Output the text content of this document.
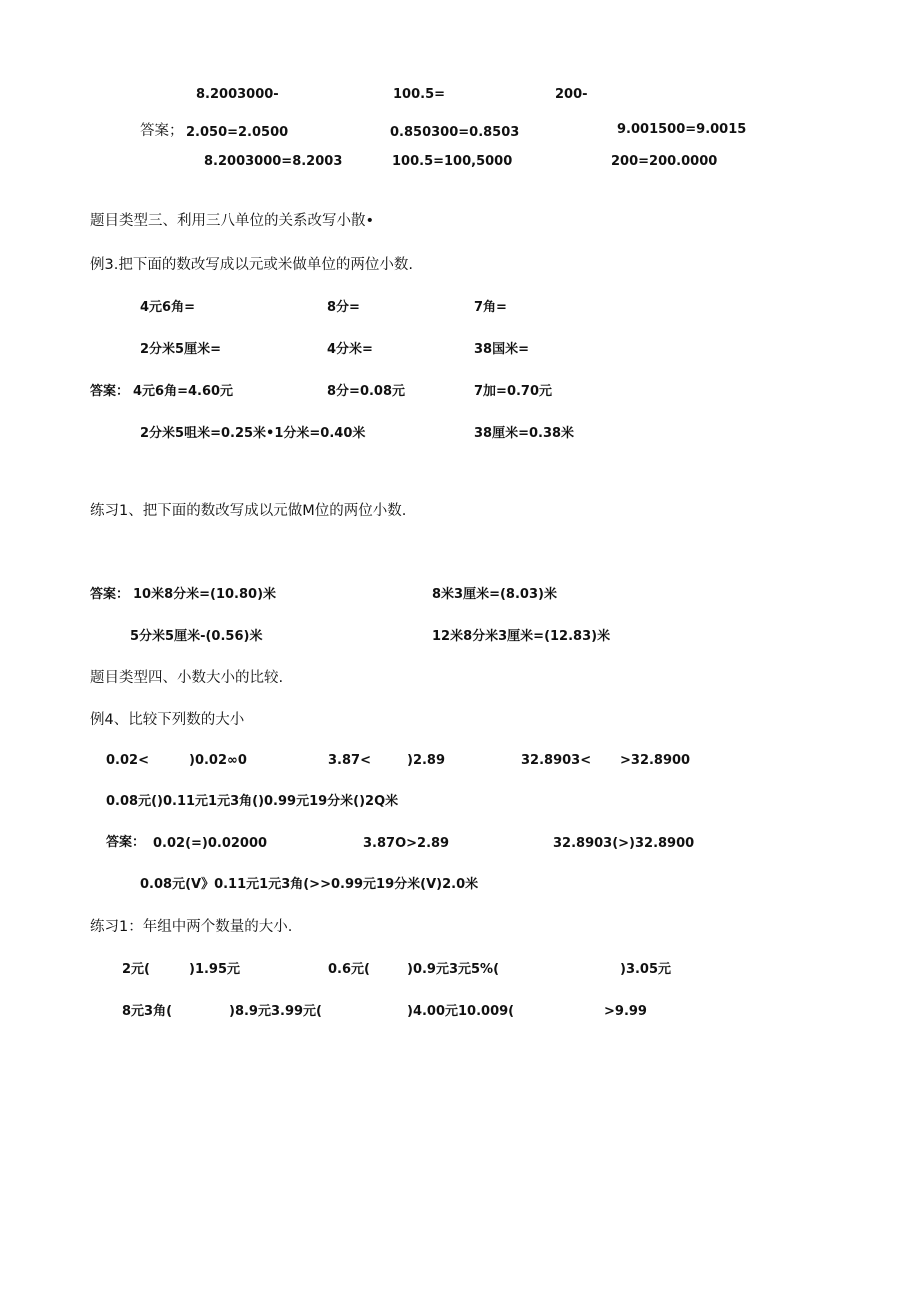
8.2003000-	100.5=	200-
答案； 2.050=2.0500	0.850300=0.8503	9.001500=9.0015
8.2003000=8.2003	100.5=100,5000	200=200.0000
题目类型三、利用三八单位的关系改写小散•
例3.把下面的数改写成以元或米做单位的两位小数.
4元6角=	8分=	7角=
2分米5厘米=	4分米=	38国米=
答案： 4元6角=4.60元	8分=0.08元	7加=0.70元
2分米5咀米=0.25米•1分米=0.40米	38厘米=0.38米
练习1、把下面的数改写成以元做M位的两位小数.
答案： 10米8分米=(10.80)米	8米3厘米=(8.03)米
5分米5厘米-(0.56)米	12米8分米3厘米=(12.83)米
题目类型四、小数大小的比较.
例4、比较下列数的大小
0.02<	)0.02∞0	3.87<	)2.89	32.8903< >32.8900
0.08元()0.11元1元3角()0.99元19分米()2Q米
答案： 0.02(=)0.02000	3.87O>2.89	32.8903(>)32.8900
0.08元(V》0.11元1元3角(>>0.99元19分米(V)2.0米
练习1：年组中两个数量的大小.
2元(	)1.95元	0.6元(	)0.9元3元5%(	)3.05元
8元3角(	)8.9元3.99元(	)4.00元10.009(	>9.99
